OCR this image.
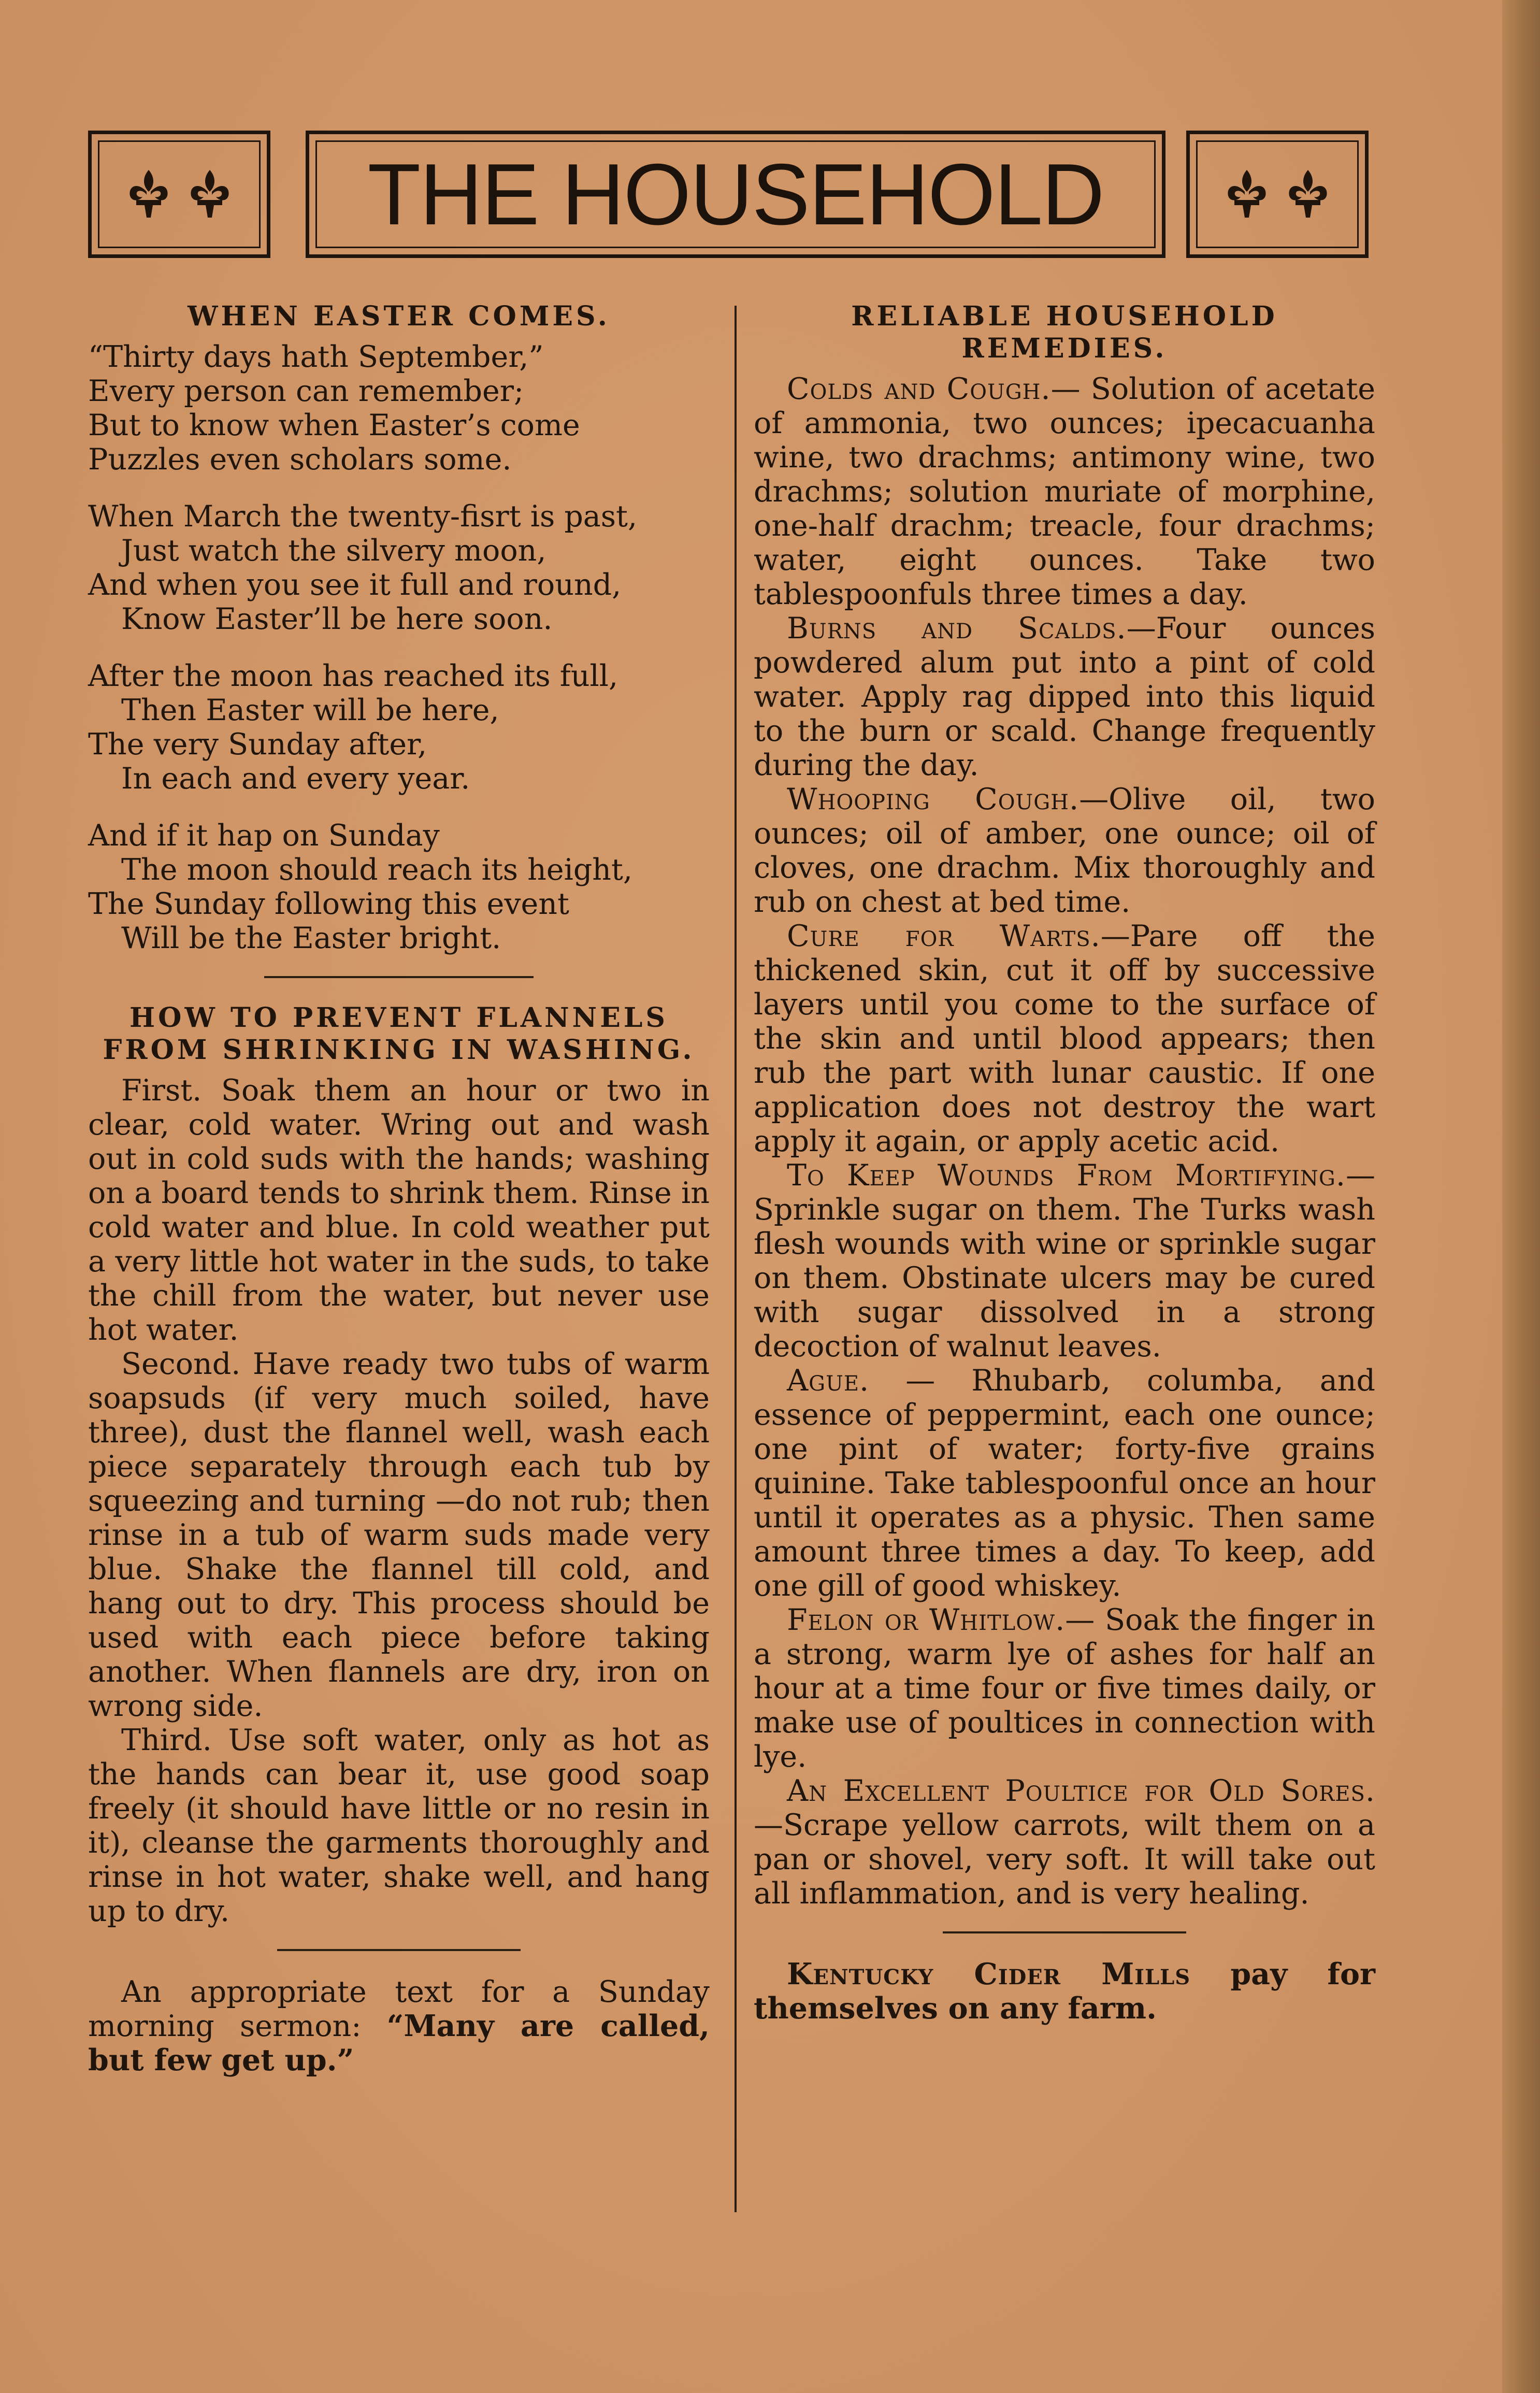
THE HOUSEHOLD
WHEN EASTER COMES.
“Thirty days hath September,”
Every person can remember;
But to know when Easter’s come
Puzzles even scholars some.
When March the twenty-fisrt is past,
Just watch the silvery moon,
And when you see it full and round,
Know Easter’ll be here soon.
After the moon has reached its full,
Then Easter will be here,
The very Sunday after,
In each and every year.
And if it hap on Sunday
The moon should reach its height,
The Sunday following this event
Will be the Easter bright.
HOW TO PREVENT FLANNELS FROM SHRINKING IN WASHING.

First. Soak them an hour or two in clear, cold water. Wring out and wash out in cold suds with the hands; washing on a board tends to shrink them. Rinse in cold water and blue. In cold weather put a very little hot water in the suds, to take the chill from the water, but never use hot water.

Second. Have ready two tubs of warm soapsuds (if very much soiled, have three), dust the flannel well, wash each piece separately through each tub by squeezing and turning —do not rub; then rinse in a tub of warm suds made very blue. Shake the flannel till cold, and hang out to dry. This process should be used with each piece before taking another. When flannels are dry, iron on wrong side.

Third. Use soft water, only as hot as the hands can bear it, use good soap freely (it should have little or no resin in it), cleanse the garments thoroughly and rinse in hot water, shake well, and hang up to dry.

An appropriate text for a Sunday morning sermon: “Many are called, but few get up.”

RELIABLE HOUSEHOLD REMEDIES.

Colds and Cough.— Solution of acetate of ammonia, two ounces; ipecacuanha wine, two drachms; antimony wine, two drachms; solution muriate of morphine, one-half drachm; treacle, four drachms; water, eight ounces. Take two tablespoonfuls three times a day.

Burns and Scalds.—Four ounces powdered alum put into a pint of cold water. Apply rag dipped into this liquid to the burn or scald. Change frequently during the day.

Whooping Cough.—Olive oil, two ounces; oil of amber, one ounce; oil of cloves, one drachm. Mix thoroughly and rub on chest at bed time.

Cure for Warts.—Pare off the thickened skin, cut it off by successive layers until you come to the surface of the skin and until blood appears; then rub the part with lunar caustic. If one application does not destroy the wart apply it again, or apply acetic acid.

To Keep Wounds From Mortifying.—Sprinkle sugar on them. The Turks wash flesh wounds with wine or sprinkle sugar on them. Obstinate ulcers may be cured with sugar dissolved in a strong decoction of walnut leaves.

Ague. — Rhubarb, columba, and essence of peppermint, each one ounce; one pint of water; forty-five grains quinine. Take tablespoonful once an hour until it operates as a physic. Then same amount three times a day. To keep, add one gill of good whiskey.

Felon or Whitlow.— Soak the finger in a strong, warm lye of ashes for half an hour at a time four or five times daily, or make use of poultices in connection with lye.

An Excellent Poultice for Old Sores.—Scrape yellow carrots, wilt them on a pan or shovel, very soft. It will take out all inflammation, and is very healing.

Kentucky Cider Mills pay for themselves on any farm.
